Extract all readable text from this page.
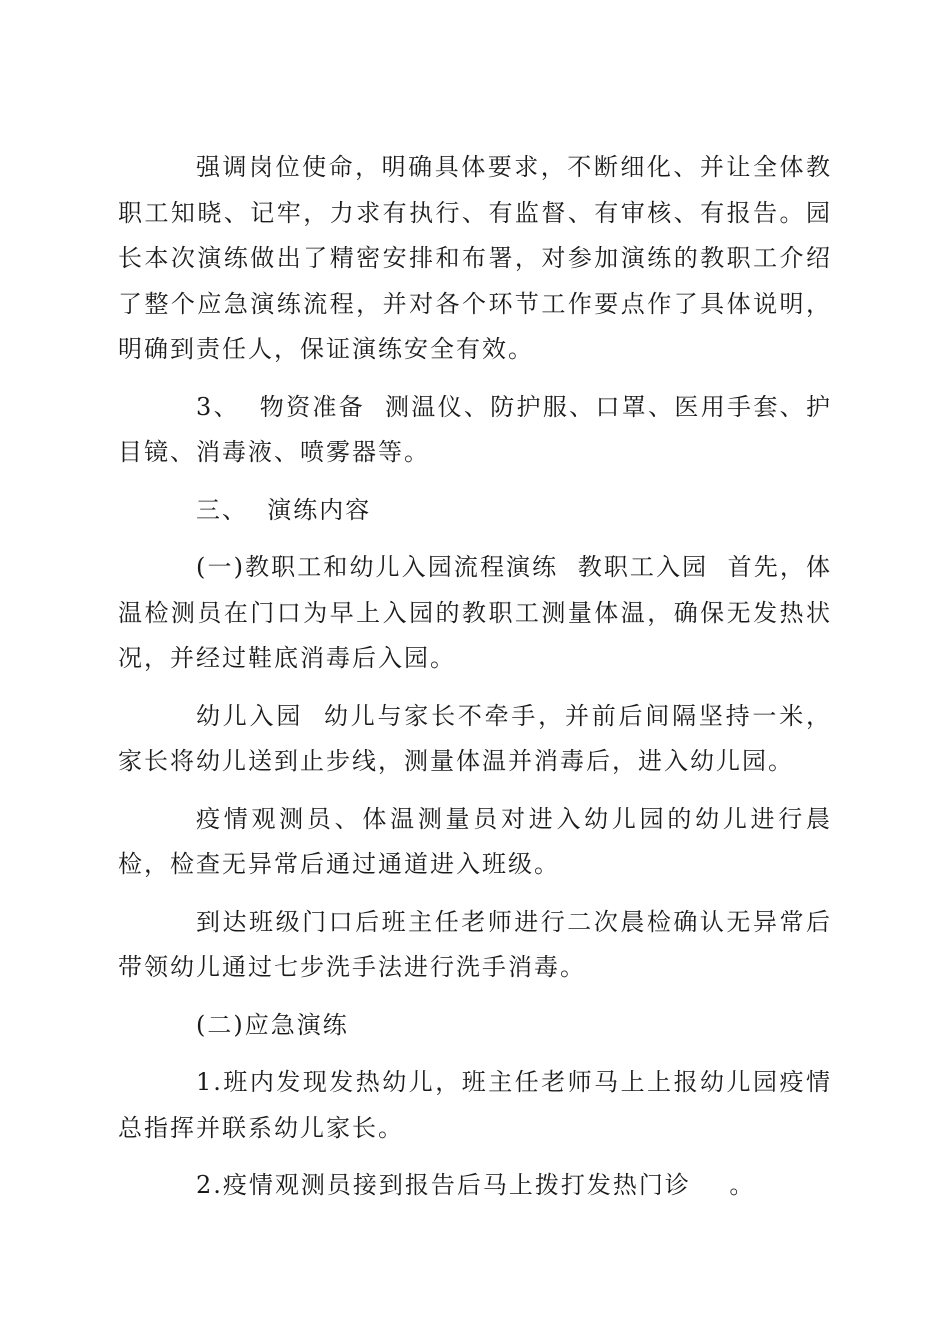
强调岗位使命，明确具体要求，不断细化、并让全体教职工知晓、记牢，力求有执行、有监督、有审核、有报告。园长本次演练做出了精密安排和布署，对参加演练的教职工介绍了整个应急演练流程，并对各个环节工作要点作了具体说明，明确到责任人，保证演练安全有效。

3、  物资准备  测温仪、防护服、口罩、医用手套、护目镜、消毒液、喷雾器等。

三、  演练内容

(一)教职工和幼儿入园流程演练  教职工入园  首先，体温检测员在门口为早上入园的教职工测量体温，确保无发热状况，并经过鞋底消毒后入园。

幼儿入园  幼儿与家长不牵手，并前后间隔坚持一米，家长将幼儿送到止步线，测量体温并消毒后，进入幼儿园。

疫情观测员、体温测量员对进入幼儿园的幼儿进行晨检，检查无异常后通过通道进入班级。

到达班级门口后班主任老师进行二次晨检确认无异常后带领幼儿通过七步洗手法进行洗手消毒。

(二)应急演练

1.班内发现发热幼儿，班主任老师马上上报幼儿园疫情总指挥并联系幼儿家长。

2.疫情观测员接到报告后马上拨打发热门诊    。
